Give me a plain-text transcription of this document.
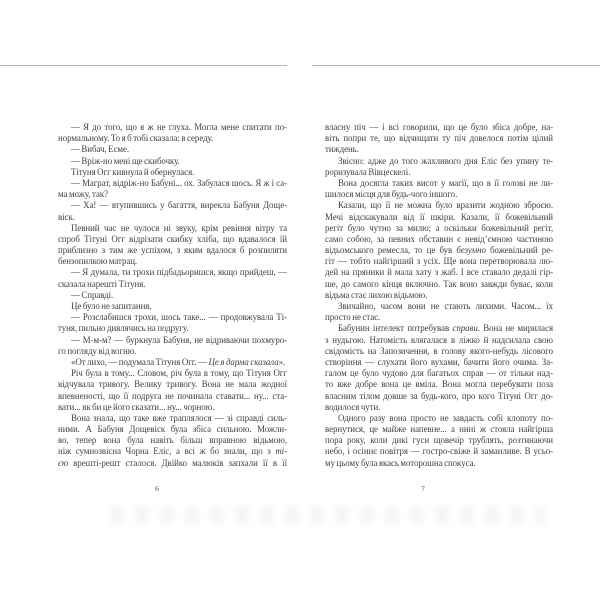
— Я до того, що я ж не глуха. Могла мене спитати по-
нормальному. То я б тобі сказала: в середу.
— Вибач, Есме.
— Вріж-но мені ще скибочку.
Тітуня Огг кивнула й обернулася.
— Маграт, відріж-но Бабуні... ох. Забулася шось. Я ж і са-
ма можу, так?
— Ха! — втупившись у багаття, вирекла Бабуня Доще-
віск.
Певний час не чулося ні звуку, крім ревіння вітру та
спроб Тітуні Огг відрізати скибку хліба, що вдавалося їй
приблизно з тим же успіхом, з яким вдалося б розпиляти
бензопилкою матрац.
— Я думала, ти трохи підбадьоришся, якщо прийдеш, —
сказала нарешті Тітуня.
— Справді.
Це було не запитання.
— Розслабишся трохи, шось таке... — продовжувала Ті-
туня, пильно дивлячись на подругу.
— М-м-м? — буркнула Бабуня, не відриваючи похмуро-
го погляду від вогню.
«От лихо, — подумала Тітуня Огг. — Це я дарма сказала».
Річ була в тому... Словом, річ була в тому, що Тітуня Огг
відчувала тривогу. Велику тривогу. Вона не мала жодної
впевненості, що її подруга не починала ставати... ну... ста-
вати... як би це його сказати... ну... чорною.
Вона знала, що таке вже траплялося — зі справді силь-
ними. А Бабуня Дощевіск була збіса сильною. Можли-
во, тепер вона була навіть більш вправною відьмою,
ніж сумнозвісна Чорна Еліс, а всі ж бо знали, що з ті-
єю врешті-решт сталося. Двійко малюків запхали її в її
6
власну піч — і всі говорили, що це було збіса добре, на-
віть попри те, що відчищати ту піч довелося потім цілий
тиждень.
Звісно: адже до того жахливого дня Еліс без упину те-
роризувала Вівцескелі.
Вона досягла таких висот у магії, що в її голові не ли-
шилося місця для будь-чого іншого.
Казали, що її не можна було вразити жодною зброєю.
Мечі відскакували від її шкіри. Казали, її божевільний
регіт було чутно за милю; а оскільки божевільний регіт,
само собою, за певних обставин є невід’ємною частиною
відьомського ремесла, то це був безумно божевільний ре-
гіт — тобто найгірший з усіх. Ще вона перетворювала лю-
дей на пряники й мала хату з жаб. І все ставало дедалі гір-
ше, до самого кінця включно. Так воно завжди буває, коли
відьма стає лихою відьмою.
Звичайно, часом вони не стають лихими. Часом... їх
просто не стає.
Бабунин інтелект потребував справи. Вона не мирилася
з нудьгою. Натомість влягалася в ліжко й надсилала свою
свідомість на Запозичення, в голову якого-небудь лісового
створіння — слухати його вухами, бачити його очима. За-
галом це було чудово для багатьох справ — от тільки над-
то вже добре вона це вміла. Вона могла перебувати поза
власним тілом довше за будь-кого, про кого Тітуні Огг до-
водилося чути.
Одного разу вона просто не завдасть собі клопоту по-
вернутися, це майже напевне... а нині ж стояла найгірша
пора року, коли дикі гуси щовечір трублять, розтинаючи
небо, і осіннє повітря — гостро-свіже й заманливе. В усьо-
му цьому була якась моторошна спокуса.
7
